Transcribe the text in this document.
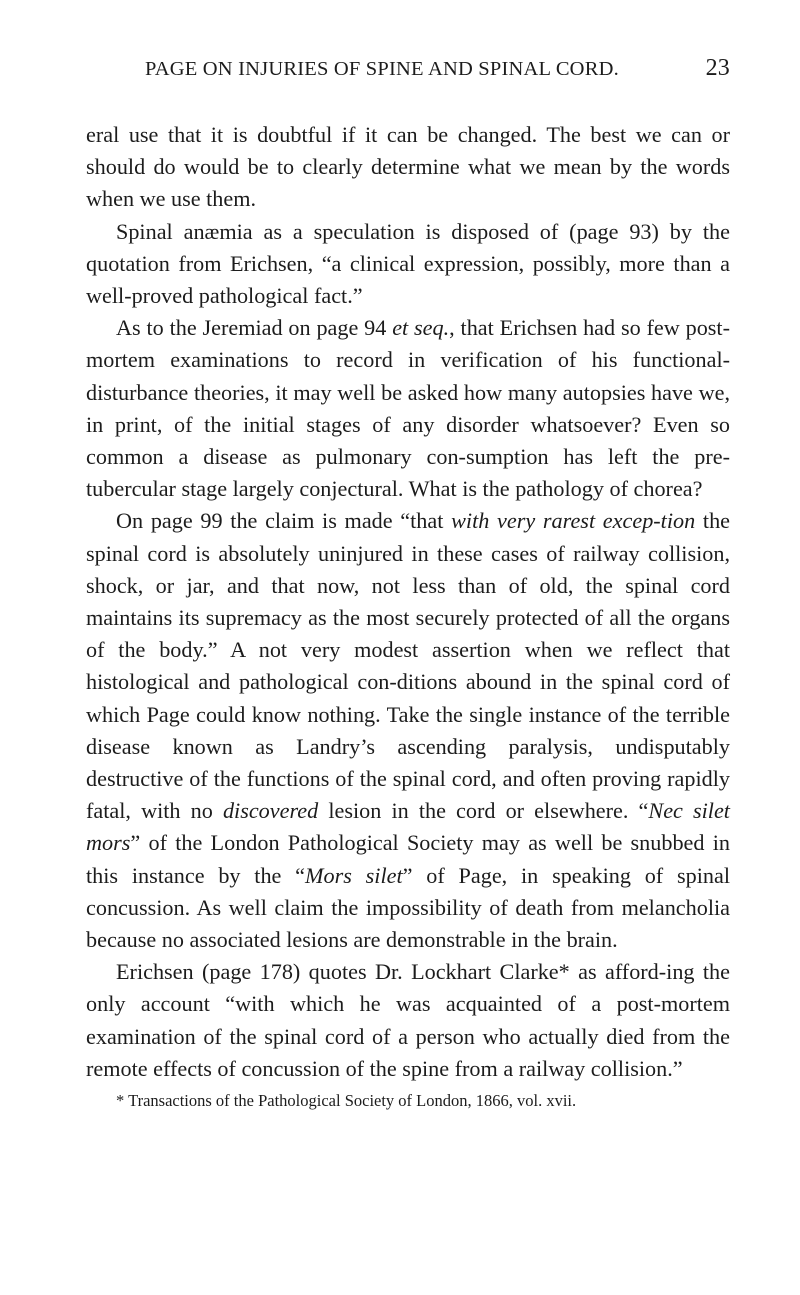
PAGE ON INJURIES OF SPINE AND SPINAL CORD.	23

eral use that it is doubtful if it can be changed. The best we can or should do would be to clearly determine what we mean by the words when we use them.

Spinal anæmia as a speculation is disposed of (page 93) by the quotation from Erichsen, “a clinical expression, possibly, more than a well-proved pathological fact.”

As to the Jeremiad on page 94 et seq., that Erichsen had so few post-mortem examinations to record in verification of his functional-disturbance theories, it may well be asked how many autopsies have we, in print, of the initial stages of any disorder whatsoever? Even so common a disease as pulmonary con-sumption has left the pre-tubercular stage largely conjectural. What is the pathology of chorea?

On page 99 the claim is made “that with very rarest excep-tion the spinal cord is absolutely uninjured in these cases of railway collision, shock, or jar, and that now, not less than of old, the spinal cord maintains its supremacy as the most securely protected of all the organs of the body.” A not very modest assertion when we reflect that histological and pathological con-ditions abound in the spinal cord of which Page could know nothing. Take the single instance of the terrible disease known as Landry’s ascending paralysis, undisputably destructive of the functions of the spinal cord, and often proving rapidly fatal, with no discovered lesion in the cord or elsewhere. “Nec silet mors” of the London Pathological Society may as well be snubbed in this instance by the “Mors silet” of Page, in speaking of spinal concussion. As well claim the impossibility of death from melancholia because no associated lesions are demonstrable in the brain.

Erichsen (page 178) quotes Dr. Lockhart Clarke* as afford-ing the only account “with which he was acquainted of a post-mortem examination of the spinal cord of a person who actually died from the remote effects of concussion of the spine from a railway collision.”

* Transactions of the Pathological Society of London, 1866, vol. xvii.
